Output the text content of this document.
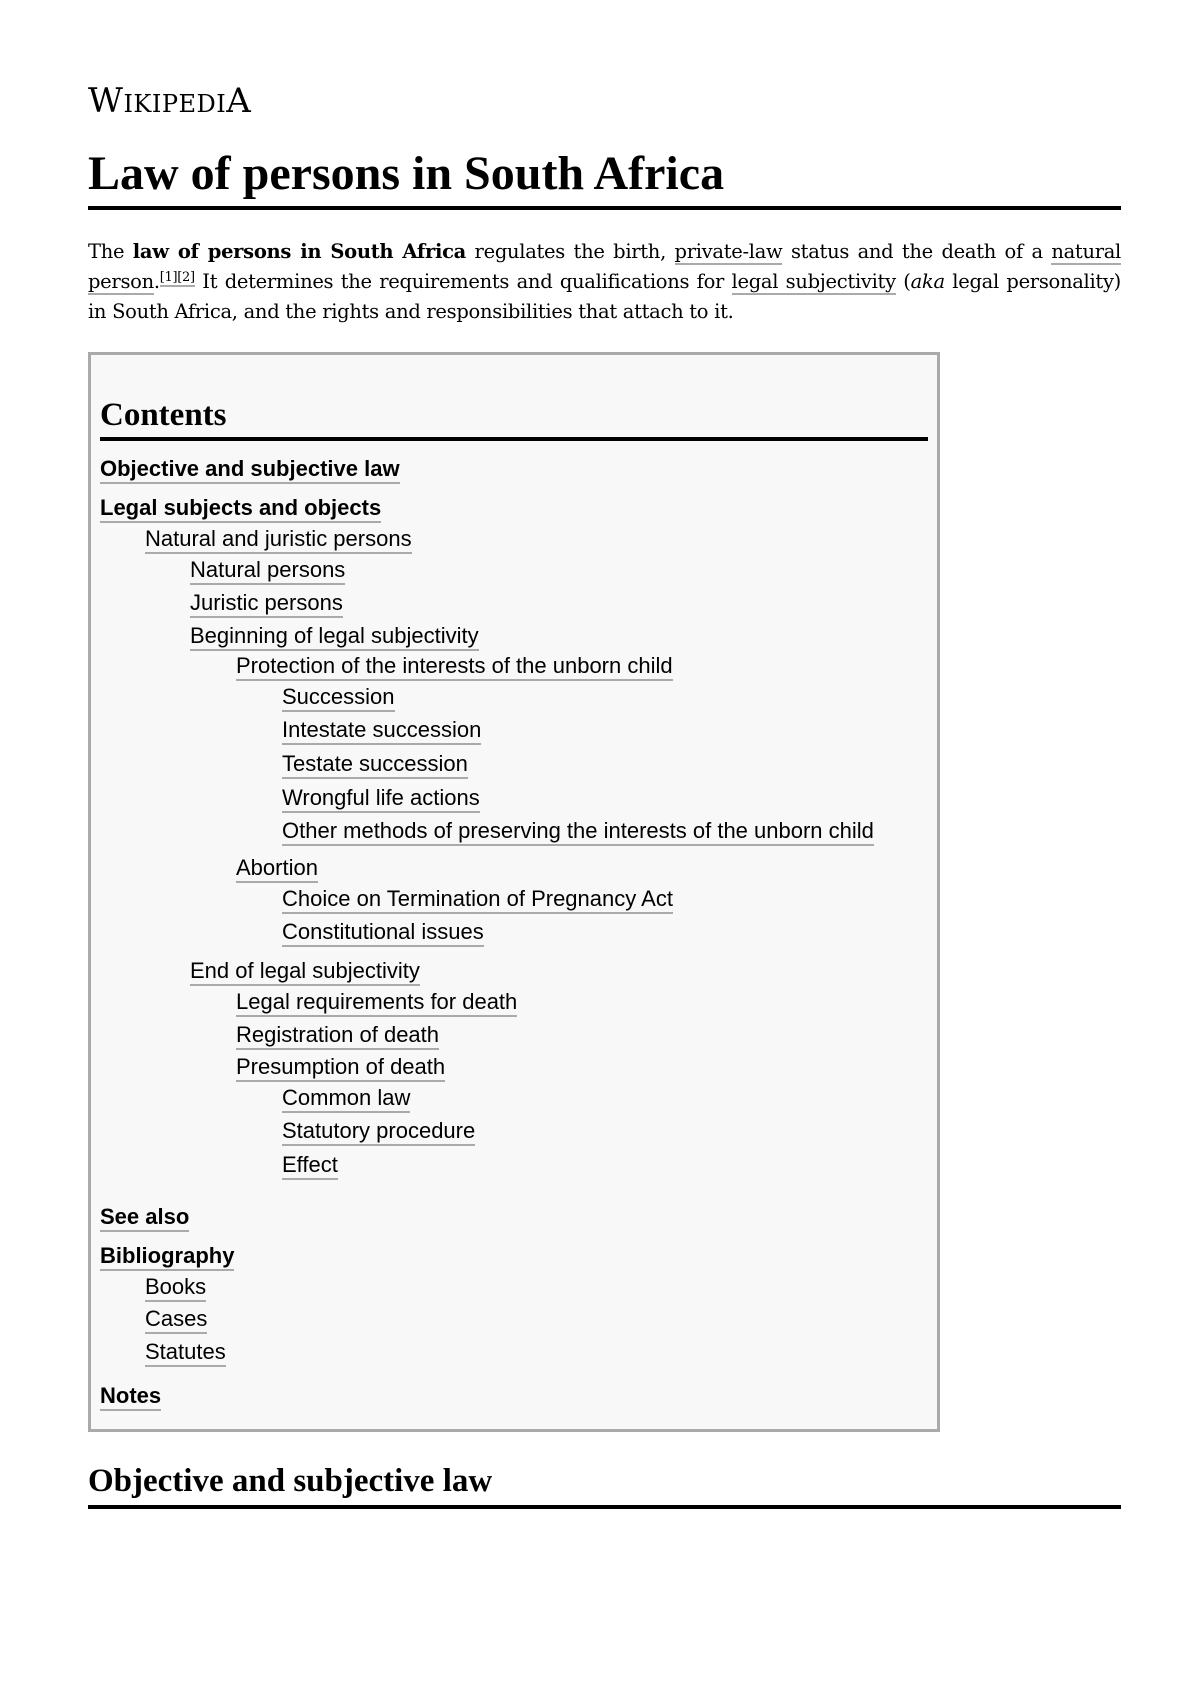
WIKIPEDIA
Law of persons in South Africa

The law of persons in South Africa regulates the birth, private-law status and the death of a natural person.[1][2] It determines the requirements and qualifications for legal subjectivity (aka legal personality) in South Africa, and the rights and responsibilities that attach to it.

Contents
Objective and subjective law
Legal subjects and objects
Natural and juristic persons
Natural persons
Juristic persons
Beginning of legal subjectivity
Protection of the interests of the unborn child
Succession
Intestate succession
Testate succession
Wrongful life actions
Other methods of preserving the interests of the unborn child
Abortion
Choice on Termination of Pregnancy Act
Constitutional issues
End of legal subjectivity
Legal requirements for death
Registration of death
Presumption of death
Common law
Statutory procedure
Effect
See also
Bibliography
Books
Cases
Statutes
Notes
Objective and subjective law
